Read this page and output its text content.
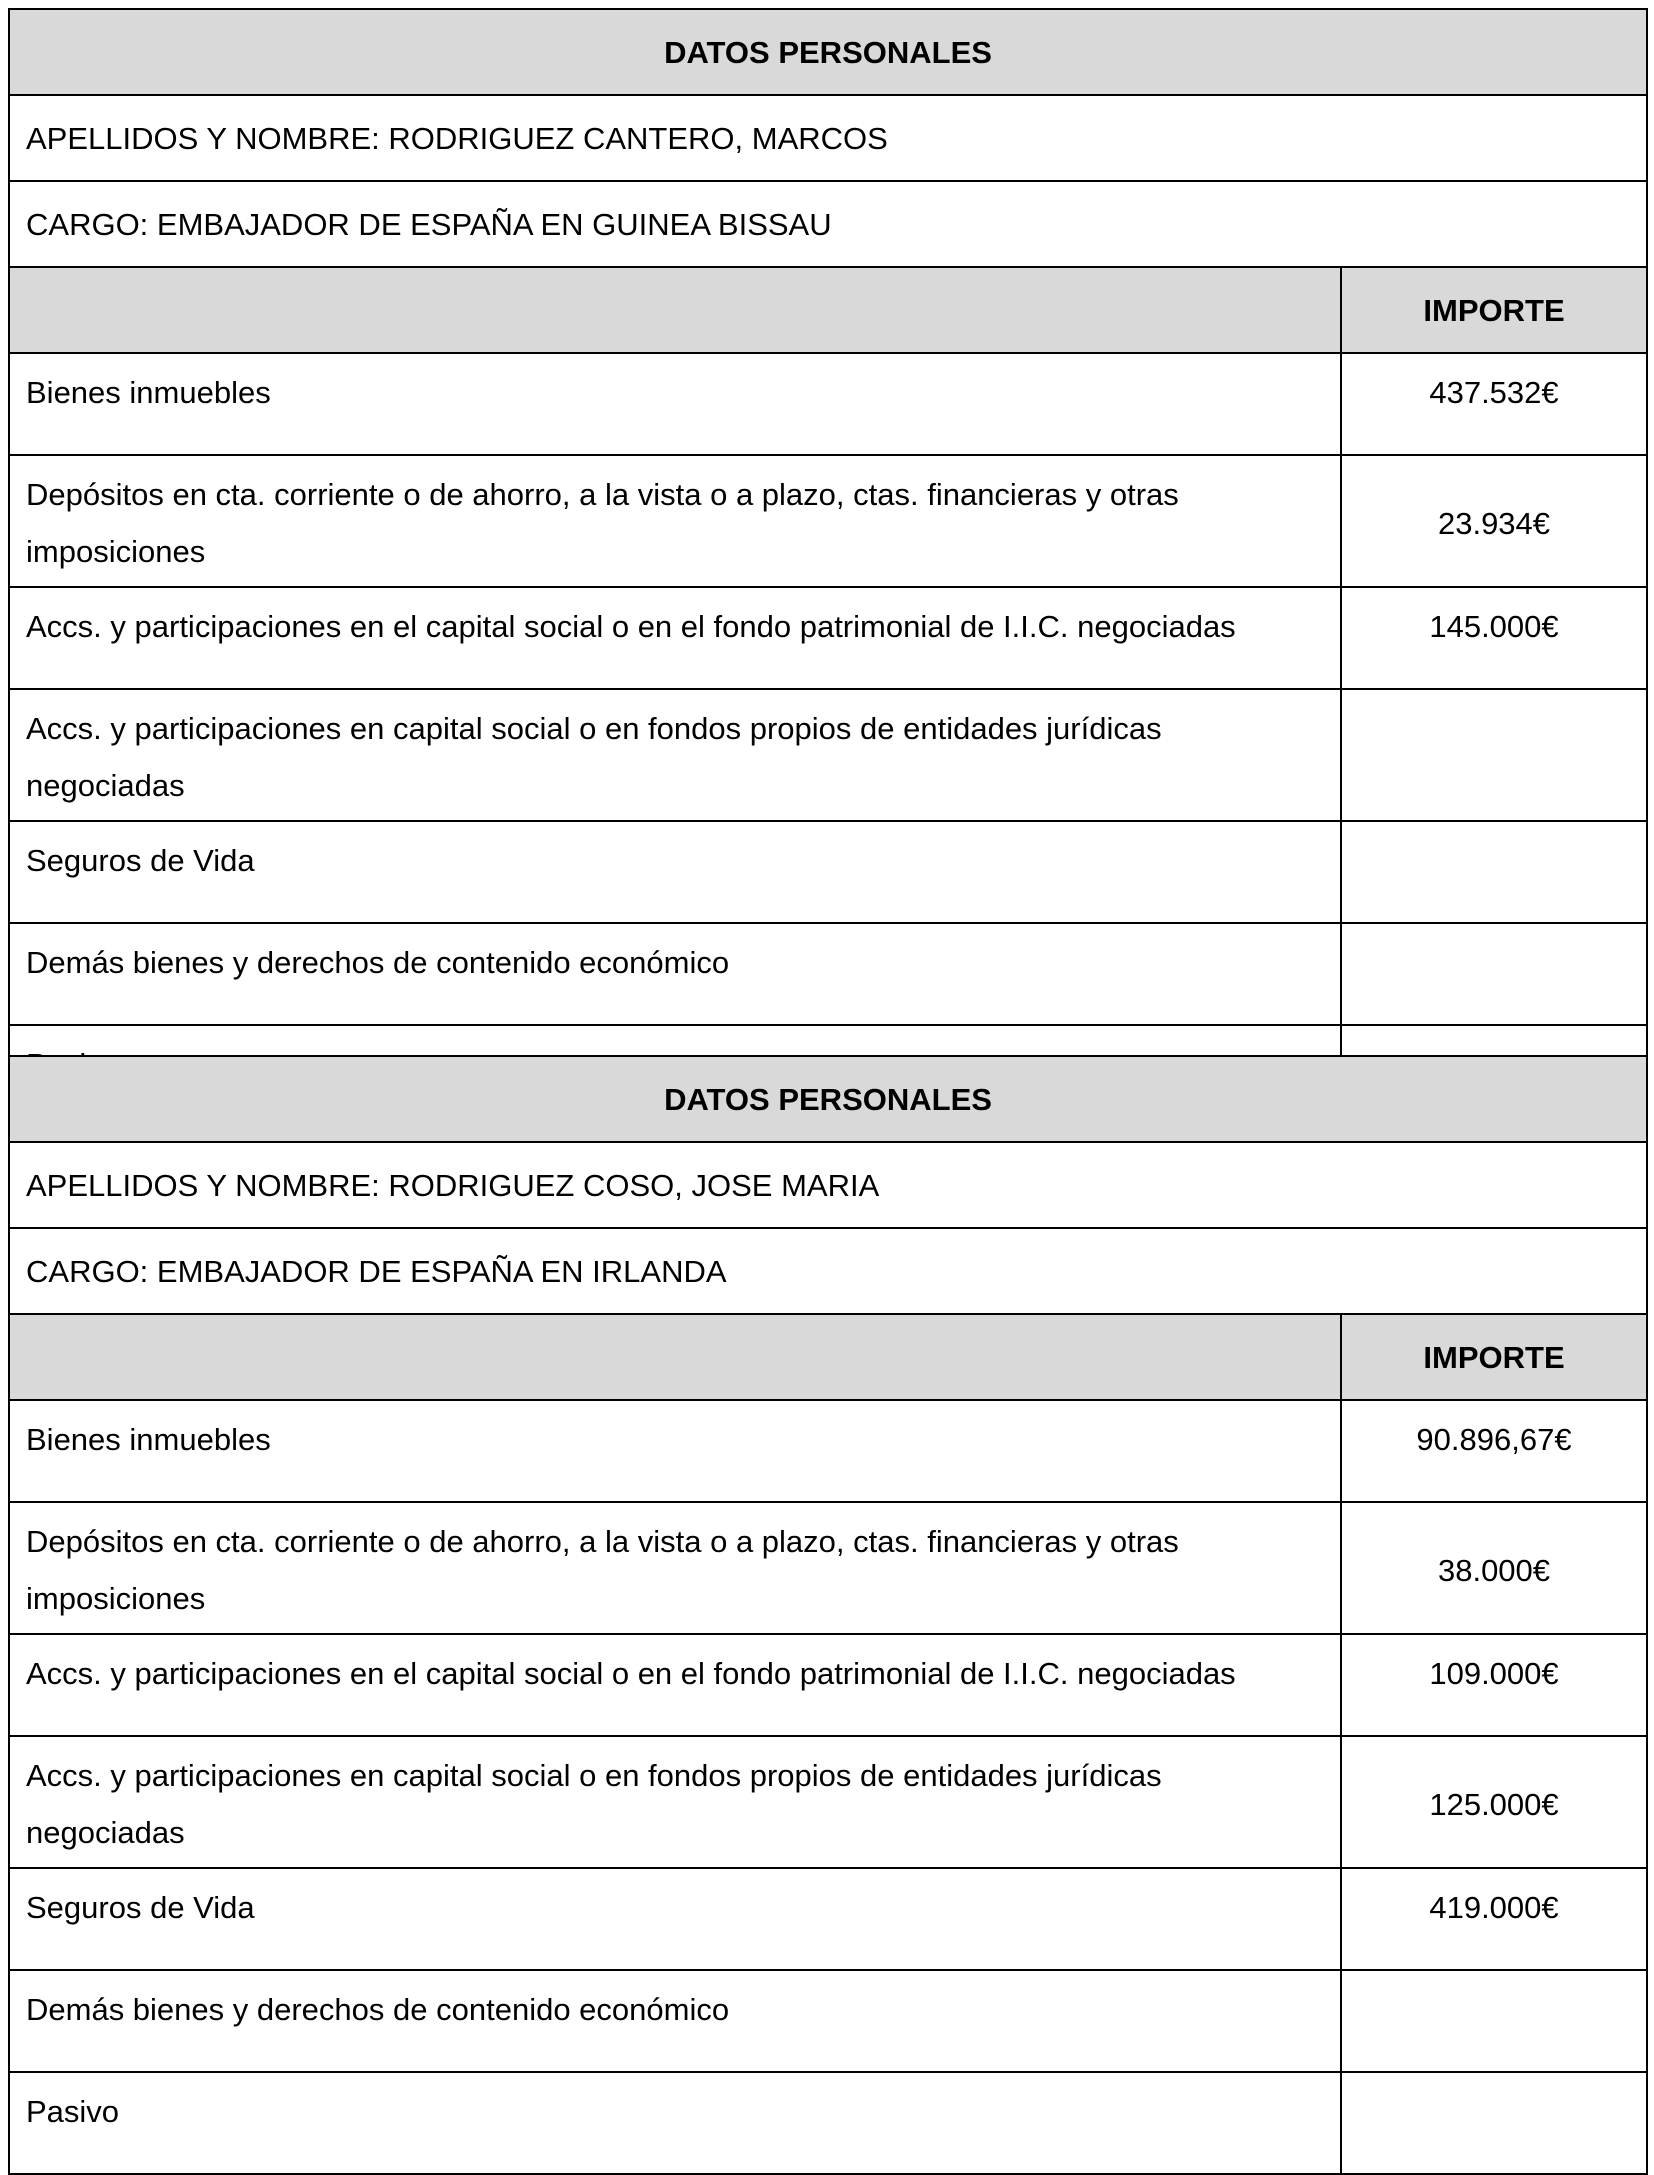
DATOS PERSONALES	
APELLIDOS Y NOMBRE: RODRIGUEZ CANTERO, MARCOS	
CARGO: EMBAJADOR DE ESPAÑA EN GUINEA BISSAU	
	IMPORTE
Bienes inmuebles	437.532€
Depósitos en cta. corriente o de ahorro, a la vista o a plazo, ctas. financieras y otras imposiciones	23.934€
Accs. y participaciones en el capital social o en el fondo patrimonial de I.I.C. negociadas	145.000€
Accs. y participaciones en capital social o en fondos propios de entidades jurídicas negociadas	
Seguros de Vida	
Demás bienes y derechos de contenido económico	

DATOS PERSONALES	
APELLIDOS Y NOMBRE: RODRIGUEZ COSO, JOSE MARIA	
CARGO: EMBAJADOR DE ESPAÑA EN IRLANDA	
	IMPORTE
Bienes inmuebles	90.896,67€
Depósitos en cta. corriente o de ahorro, a la vista o a plazo, ctas. financieras y otras imposiciones	38.000€
Accs. y participaciones en el capital social o en el fondo patrimonial de I.I.C. negociadas	109.000€
Accs. y participaciones en capital social o en fondos propios de entidades jurídicas negociadas	125.000€
Seguros de Vida	419.000€
Demás bienes y derechos de contenido económico	
Pasivo	
